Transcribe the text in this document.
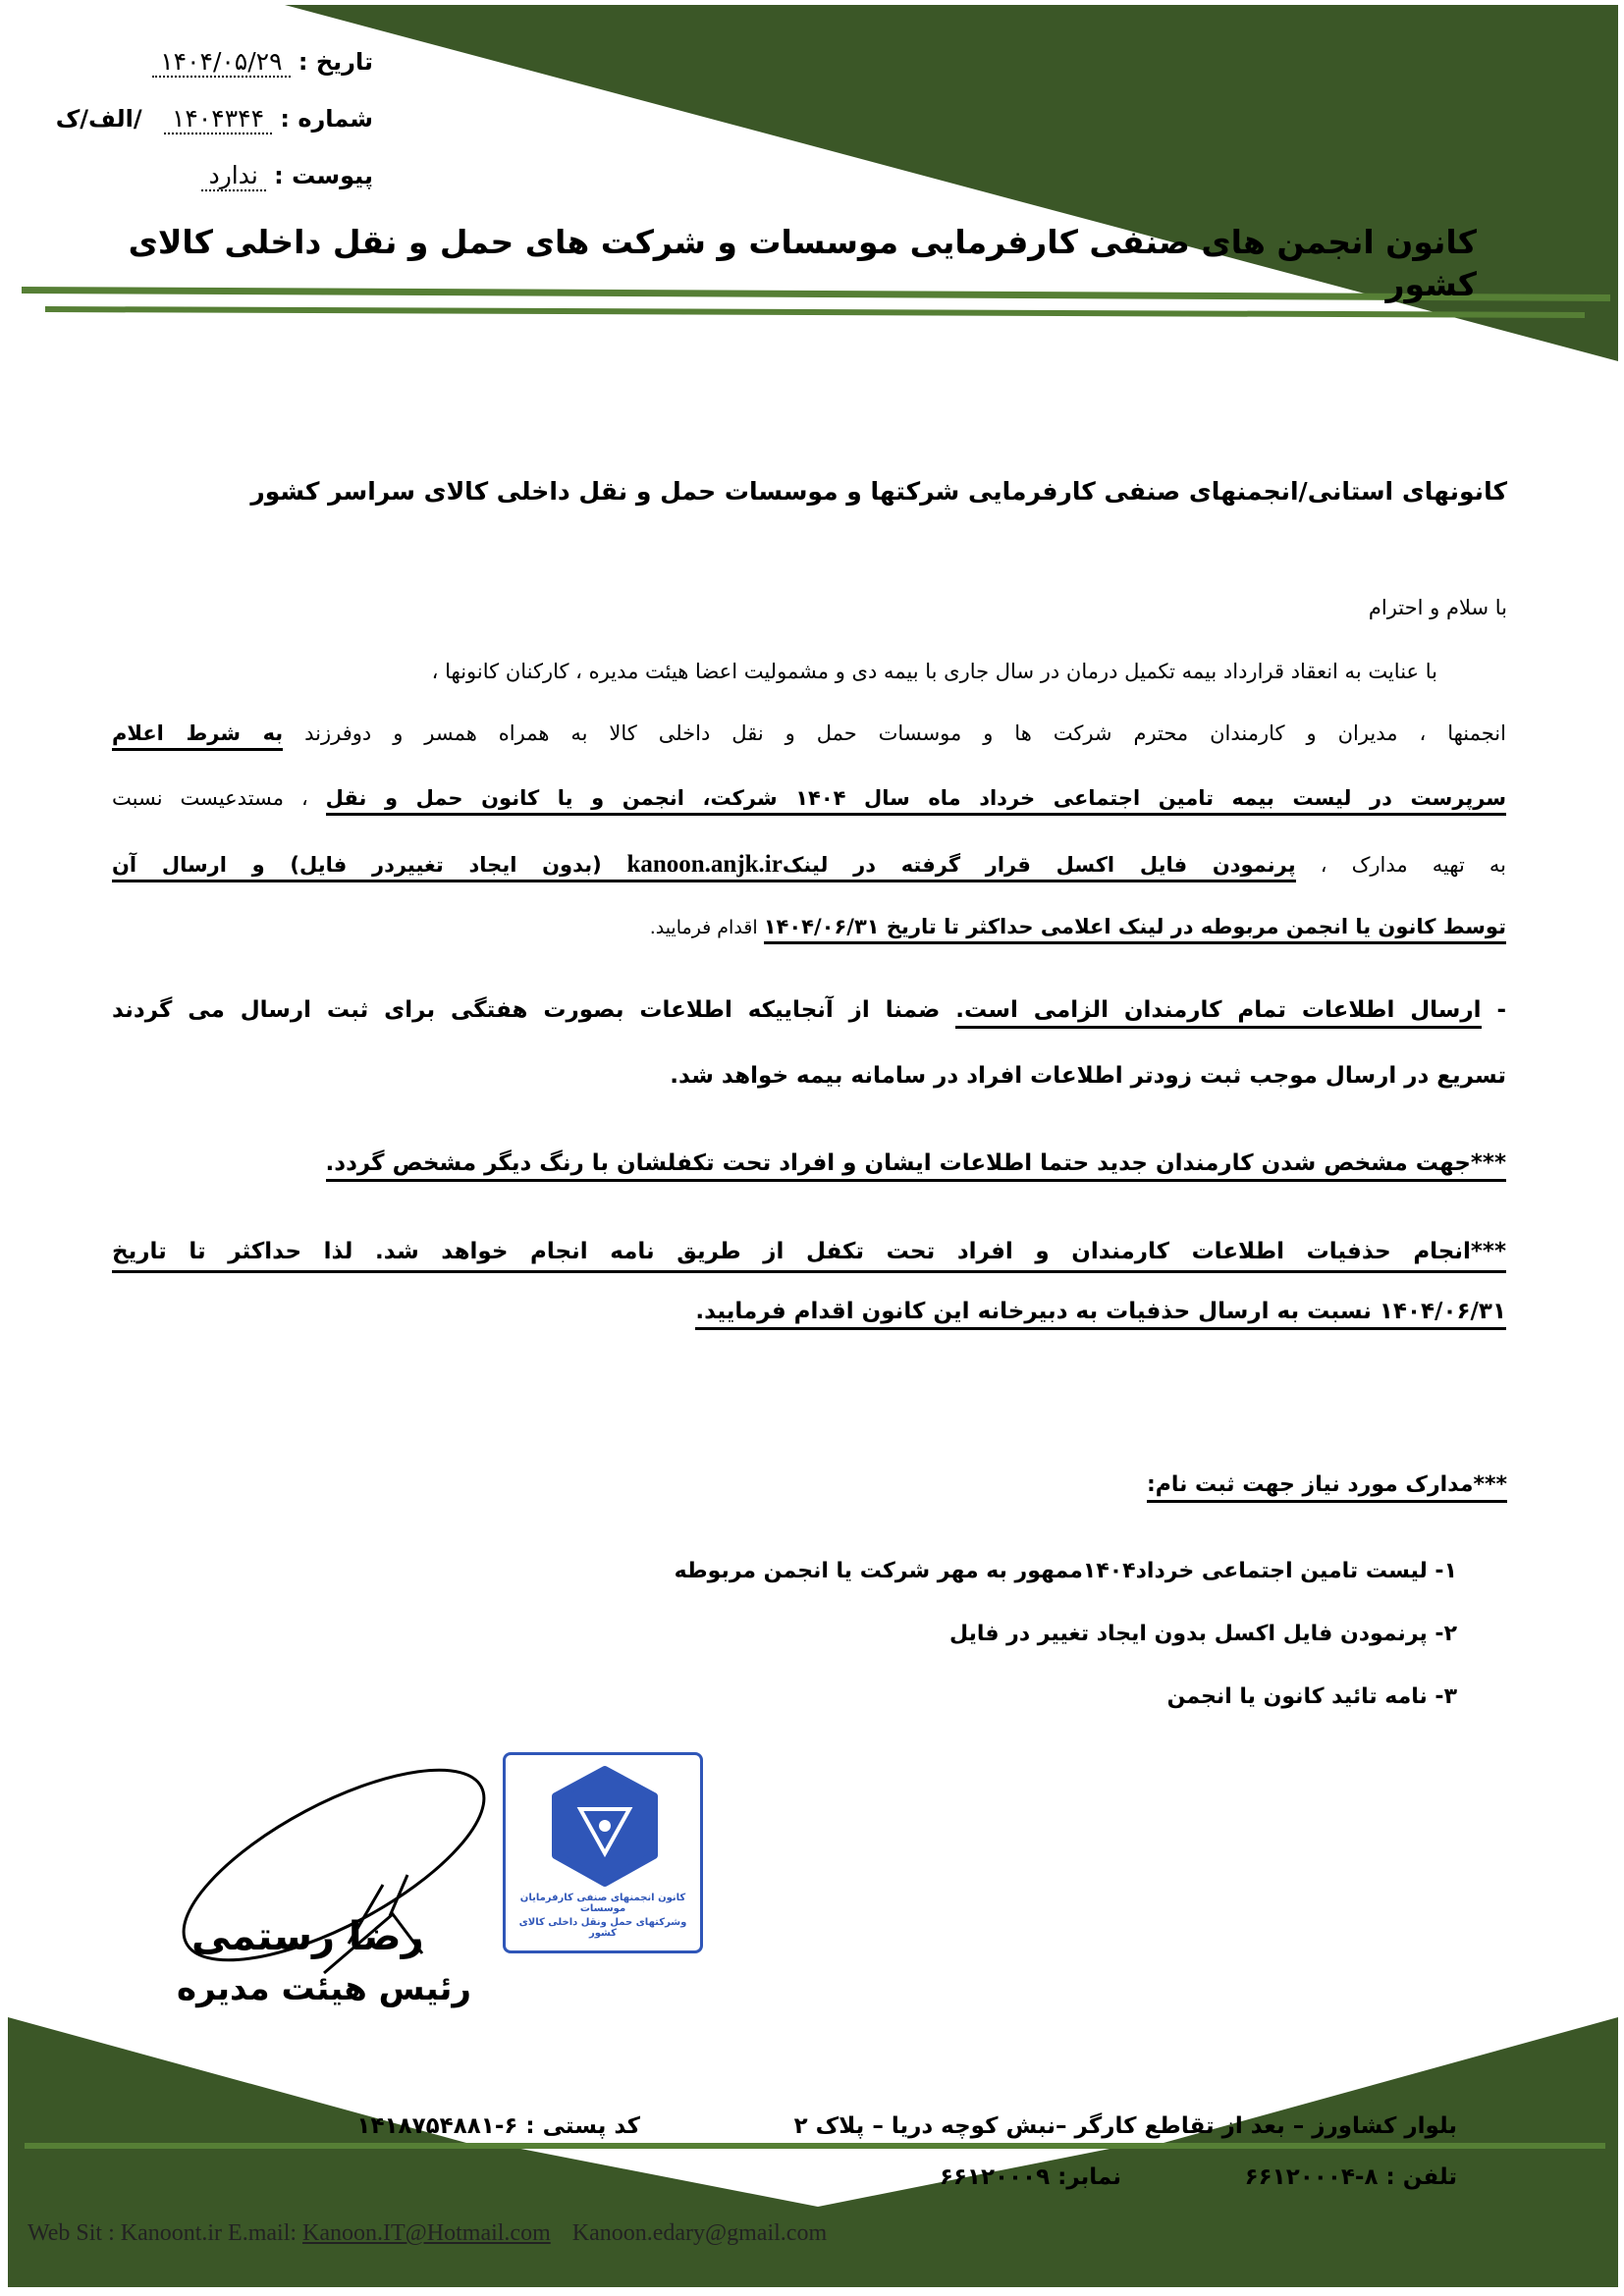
تاریخ : ۱۴۰۴/۰۵/۲۹
شماره : ۱۴۰۴۳۴۴ /الف/ک
پیوست : ندارد
کانون انجمن های صنفی کارفرمایی موسسات و شرکت های حمل و نقل داخلی کالای کشور
کانونهای استانی/انجمنهای صنفی کارفرمایی شرکتها و موسسات حمل و نقل داخلی کالای سراسر کشور
با سلام و احترام
با عنایت به انعقاد قرارداد بیمه تکمیل درمان در سال جاری با بیمه دی و مشمولیت اعضا هیئت مدیره ، کارکنان کانونها ،
انجمنها ، مدیران و کارمندان محترم شرکت ها و موسسات حمل و نقل داخلی کالا به همراه همسر و دوفرزند به شرط اعلام
سرپرست در لیست بیمه تامین اجتماعی خرداد ماه سال ۱۴۰۴ شرکت، انجمن و یا کانون حمل و نقل ، مستدعیست نسبت
به تهیه مدارک ، پرنمودن فایل اکسل قرار گرفته در لینکkanoon.anjk.ir (بدون ایجاد تغییردر فایل) و ارسال آن
توسط کانون یا انجمن مربوطه در لینک اعلامی حداکثر تا تاریخ ۱۴۰۴/۰۶/۳۱ اقدام فرمایید.
- ارسال اطلاعات تمام کارمندان الزامی است. ضمنا از آنجاییکه اطلاعات بصورت هفتگی برای ثبت ارسال می گردند
تسریع در ارسال موجب ثبت زودتر اطلاعات افراد در سامانه بیمه خواهد شد.
***جهت مشخص شدن کارمندان جدید حتما اطلاعات ایشان و افراد تحت تکفلشان با رنگ دیگر مشخص گردد.
***انجام حذفیات اطلاعات کارمندان و افراد تحت تکفل از طریق نامه انجام خواهد شد. لذا حداکثر تا تاریخ
۱۴۰۴/۰۶/۳۱ نسبت به ارسال حذفیات به دبیرخانه این کانون اقدام فرمایید.
***مدارک مورد نیاز جهت ثبت نام:
۱- لیست تامین اجتماعی خرداد۱۴۰۴ممهور به مهر شرکت یا انجمن مربوطه
۲- پرنمودن فایل اکسل بدون ایجاد تغییر در فایل
۳- نامه تائید کانون یا انجمن
رضا رستمی
رئیس هیئت مدیره
کانون انجمنهای صنفی کارفرمایان موسسات
وشرکتهای حمل ونقل داخلی کالای کشور
بلوار کشاورز – بعد از تقاطع کارگر –نبش کوچه دریا – پلاک ۲
کد پستی : ۶-۱۴۱۸۷۵۴۸۸۱
تلفن : ۸-۶۶۱۲۰۰۰۴
نمابر: ۶۶۱۲۰۰۰۹
Web Sit : Kanoont.ir E.mail: Kanoon.IT@Hotmail.com Kanoon.edary@gmail.com
